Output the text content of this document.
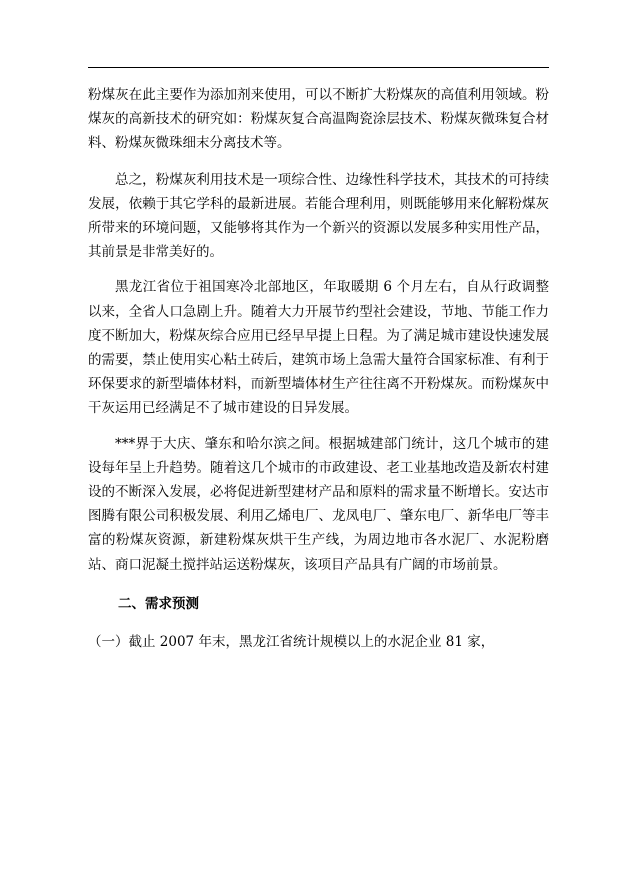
粉煤灰在此主要作为添加剂来使用，可以不断扩大粉煤灰的高值利用领域。粉煤灰的高新技术的研究如：粉煤灰复合高温陶瓷涂层技术、粉煤灰微珠复合材料、粉煤灰微珠细末分离技术等。

总之，粉煤灰利用技术是一项综合性、边缘性科学技术，其技术的可持续发展，依赖于其它学科的最新进展。若能合理利用，则既能够用来化解粉煤灰所带来的环境问题，又能够将其作为一个新兴的资源以发展多种实用性产品，其前景是非常美好的。

黑龙江省位于祖国寒冷北部地区，年取暖期 6 个月左右，自从行政调整以来，全省人口急剧上升。随着大力开展节约型社会建设，节地、节能工作力度不断加大，粉煤灰综合应用已经早早提上日程。为了满足城市建设快速发展的需要，禁止使用实心粘土砖后，建筑市场上急需大量符合国家标准、有利于环保要求的新型墙体材料，而新型墙体材生产往往离不开粉煤灰。而粉煤灰中干灰运用已经满足不了城市建设的日异发展。

***界于大庆、肇东和哈尔滨之间。根据城建部门统计，这几个城市的建设每年呈上升趋势。随着这几个城市的市政建设、老工业基地改造及新农村建设的不断深入发展，必将促进新型建材产品和原料的需求量不断增长。安达市图腾有限公司积极发展、利用乙烯电厂、龙凤电厂、肇东电厂、新华电厂等丰富的粉煤灰资源，新建粉煤灰烘干生产线，为周边地市各水泥厂、水泥粉磨站、商口泥凝土搅拌站运送粉煤灰，该项目产品具有广阔的市场前景。

二、需求预测

（一）截止 2007 年末，黑龙江省统计规模以上的水泥企业 81 家，
